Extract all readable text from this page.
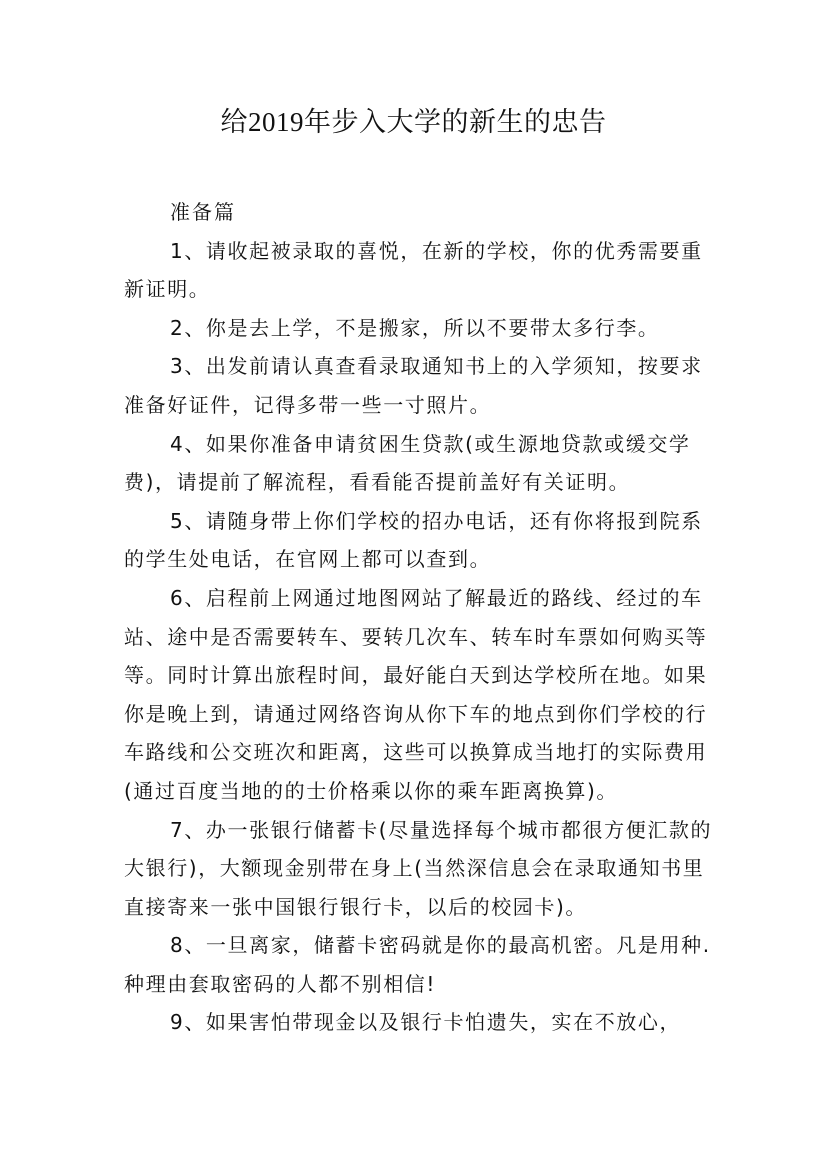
给2019年步入大学的新生的忠告

准备篇

1、请收起被录取的喜悦，在新的学校，你的优秀需要重新证明。

2、你是去上学，不是搬家，所以不要带太多行李。

3、出发前请认真查看录取通知书上的入学须知，按要求准备好证件，记得多带一些一寸照片。

4、如果你准备申请贫困生贷款(或生源地贷款或缓交学费)，请提前了解流程，看看能否提前盖好有关证明。

5、请随身带上你们学校的招办电话，还有你将报到院系的学生处电话，在官网上都可以查到。

6、启程前上网通过地图网站了解最近的路线、经过的车站、途中是否需要转车、要转几次车、转车时车票如何购买等等。同时计算出旅程时间，最好能白天到达学校所在地。如果你是晚上到，请通过网络咨询从你下车的地点到你们学校的行车路线和公交班次和距离，这些可以换算成当地打的实际费用(通过百度当地的的士价格乘以你的乘车距离换算)。

7、办一张银行储蓄卡(尽量选择每个城市都很方便汇款的大银行)，大额现金别带在身上(当然深信息会在录取通知书里直接寄来一张中国银行银行卡，以后的校园卡)。

8、一旦离家，储蓄卡密码就是你的最高机密。凡是用种.种理由套取密码的人都不别相信!

9、如果害怕带现金以及银行卡怕遗失，实在不放心，
